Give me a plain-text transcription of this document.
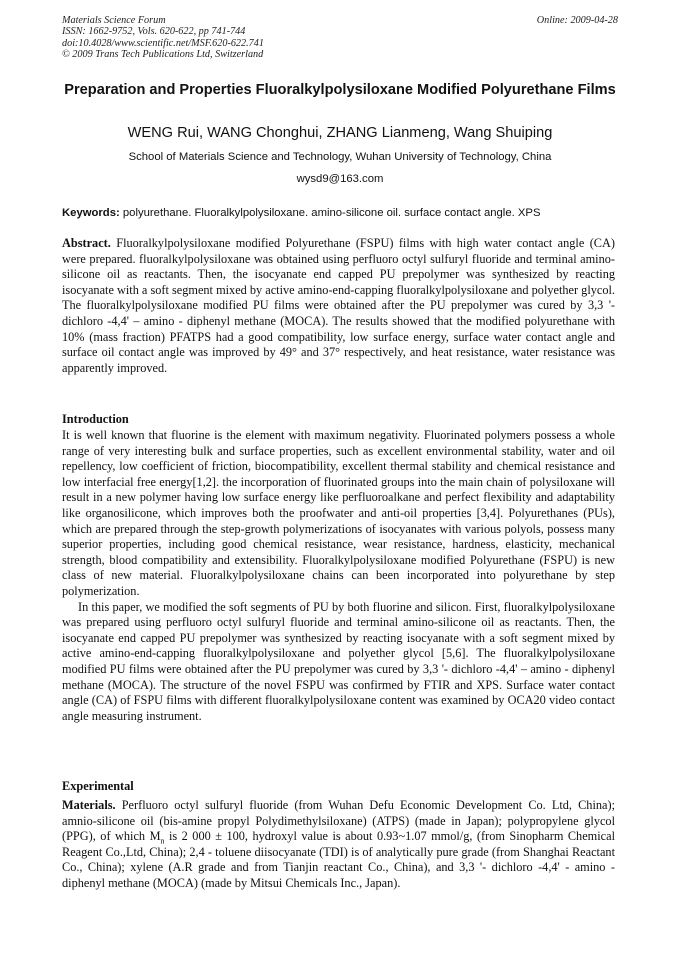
Materials Science Forum
ISSN: 1662-9752, Vols. 620-622, pp 741-744
doi:10.4028/www.scientific.net/MSF.620-622.741
© 2009 Trans Tech Publications Ltd, Switzerland
Online: 2009-04-28
Preparation and Properties Fluoralkylpolysiloxane Modified Polyurethane Films
WENG Rui, WANG Chonghui, ZHANG Lianmeng, Wang Shuiping
School of Materials Science and Technology, Wuhan University of Technology, China
wysd9@163.com
Keywords: polyurethane. Fluoralkylpolysiloxane. amino-silicone oil. surface contact angle. XPS
Abstract. Fluoralkylpolysiloxane modified Polyurethane (FSPU) films with high water contact angle (CA) were prepared. fluoralkylpolysiloxane was obtained using perfluoro octyl sulfuryl fluoride and terminal amino-silicone oil as reactants. Then, the isocyanate end capped PU prepolymer was synthesized by reacting isocyanate with a soft segment mixed by active amino-end-capping fluoralkylpolysiloxane and polyether glycol. The fluoralkylpolysiloxane modified PU films were obtained after the PU prepolymer was cured by 3,3 '- dichloro -4,4' – amino - diphenyl methane (MOCA). The results showed that the modified polyurethane with 10% (mass fraction) PFATPS had a good compatibility, low surface energy, surface water contact angle and surface oil contact angle was improved by 49° and 37° respectively, and heat resistance, water resistance was apparently improved.
Introduction
It is well known that fluorine is the element with maximum negativity. Fluorinated polymers possess a whole range of very interesting bulk and surface properties, such as excellent environmental stability, water and oil repellency, low coefficient of friction, biocompatibility, excellent thermal stability and chemical resistance and low interfacial free energy[1,2]. the incorporation of fluorinated groups into the main chain of polysiloxane will result in a new polymer having low surface energy like perfluoroalkane and perfect flexibility and adaptability like organosilicone, which improves both the proofwater and anti-oil properties [3,4]. Polyurethanes (PUs), which are prepared through the step-growth polymerizations of isocyanates with various polyols, possess many superior properties, including good chemical resistance, wear resistance, hardness, elasticity, mechanical strength, blood compatibility and extensibility. Fluoralkylpolysiloxane modified Polyurethane (FSPU) is new class of new material. Fluoralkylpolysiloxane chains can been incorporated into polyurethane by step polymerization.
In this paper, we modified the soft segments of PU by both fluorine and silicon. First, fluoralkylpolysiloxane was prepared using perfluoro octyl sulfuryl fluoride and terminal amino-silicone oil as reactants. Then, the isocyanate end capped PU prepolymer was synthesized by reacting isocyanate with a soft segment mixed by active amino-end-capping fluoralkylpolysiloxane and polyether glycol [5,6]. The fluoralkylpolysiloxane modified PU films were obtained after the PU prepolymer was cured by 3,3 '- dichloro -4,4' – amino - diphenyl methane (MOCA). The structure of the novel FSPU was confirmed by FTIR and XPS. Surface water contact angle (CA) of FSPU films with different fluoralkylpolysiloxane content was examined by OCA20 video contact angle measuring instrument.
Experimental
Materials. Perfluoro octyl sulfuryl fluoride (from Wuhan Defu Economic Development Co. Ltd, China); amnio-silicone oil (bis-amine propyl Polydimethylsiloxane) (ATPS) (made in Japan); polypropylene glycol (PPG), of which $M_n$ is 2 000 ± 100, hydroxyl value is about 0.93~1.07 mmol/g, (from Sinopharm Chemical Reagent Co.,Ltd, China); 2,4 - toluene diisocyanate (TDI) is of analytically pure grade (from Shanghai Reactant Co., China); xylene (A.R grade and from Tianjin reactant Co., China), and 3,3 '- dichloro -4,4' - amino - diphenyl methane (MOCA) (made by Mitsui Chemicals Inc., Japan).
